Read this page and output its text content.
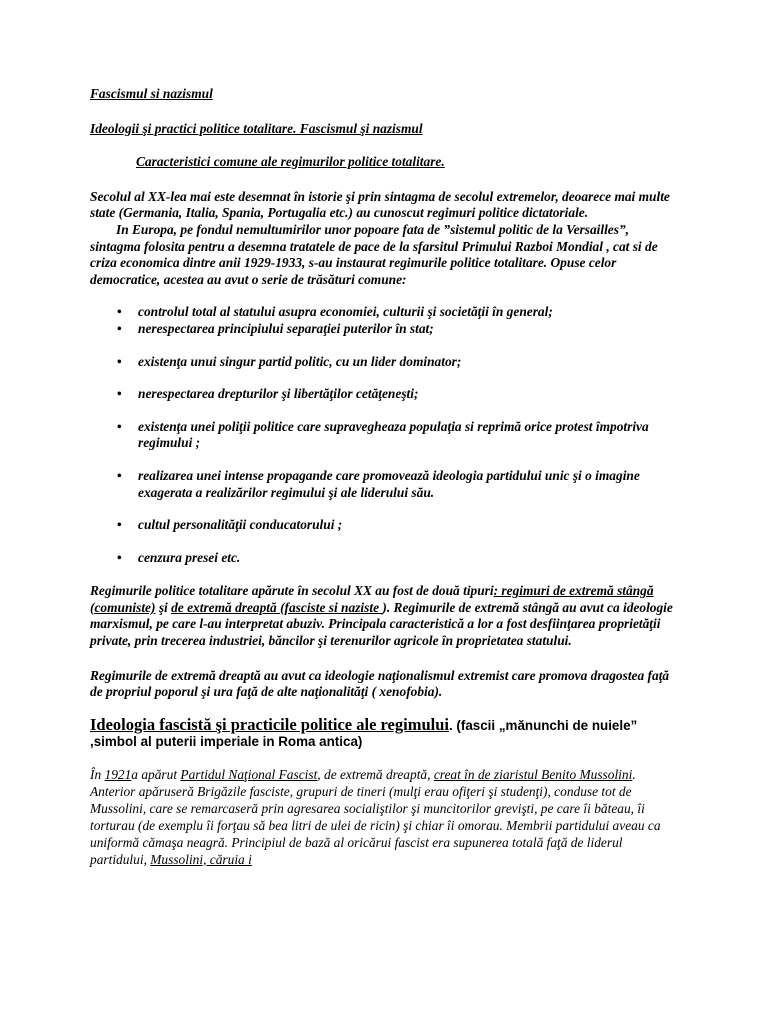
Fascismul si nazismul

Ideologii şi practici politice totalitare. Fascismul şi nazismul

Caracteristici comune ale regimurilor politice totalitare.

Secolul al XX-lea mai este desemnat în istorie şi prin sintagma de secolul extremelor, deoarece mai multe state (Germania, Italia, Spania, Portugalia etc.) au cunoscut regimuri politice dictatoriale.

In Europa, pe fondul nemultumirilor unor popoare fata de ”sistemul politic de la Versailles”, sintagma folosita pentru a desemna tratatele de pace de la sfarsitul Primului Razboi Mondial , cat si de criza economica dintre anii 1929-1933, s-au instaurat regimurile politice totalitare. Opuse celor democratice, acestea au avut o serie de trăsături comune:

• controlul total al statului asupra economiei, culturii şi societăţii în general;
• nerespectarea principiului separaţiei puterilor în stat;
• existenţa unui singur partid politic, cu un lider dominator;
• nerespectarea drepturilor şi libertăţilor cetăţeneşti;
• existenţa unei poliţii politice care supravegheaza populaţia si reprimă orice protest împotriva regimului ;
• realizarea unei intense propagande care promovează ideologia partidului unic şi o imagine exagerata a realizărilor regimului şi ale liderului său.
• cultul personalităţii conducatorului ;
• cenzura presei etc.

Regimurile politice totalitare apărute în secolul XX au fost de două tipuri: regimuri de extremă stângă (comuniste) şi de extremă dreaptă (fasciste si naziste ). Regimurile de extremă stângă au avut ca ideologie marxismul, pe care l-au interpretat abuziv. Principala caracteristică a lor a fost desfiinţarea proprietăţii private, prin trecerea industriei, băncilor şi terenurilor agricole în proprietatea statului.

Regimurile de extremă dreaptă au avut ca ideologie naţionalismul extremist care promova dragostea faţă de propriul poporul şi ura faţă de alte naţionalităţi ( xenofobia).

Ideologia fascistă şi practicile politice ale regimului. (fascii „mănunchi de nuiele” ,simbol al puterii imperiale in Roma antica)

În 1921a apărut Partidul Naţional Fascist, de extremă dreaptă, creat în de ziaristul Benito Mussolini. Anterior apăruseră Brigăzile fasciste, grupuri de tineri (mulţi erau ofiţeri şi studenţi), conduse tot de Mussolini, care se remarcaseră prin agresarea socialiştilor şi muncitorilor grevişti, pe care îi băteau, îi torturau (de exemplu îi forţau să bea litri de ulei de ricin) şi chiar îi omorau. Membrii partidului aveau ca uniformă cămaşa neagră. Principiul de bază al oricărui fascist era supunerea totală faţă de liderul partidului, Mussolini, căruia i
